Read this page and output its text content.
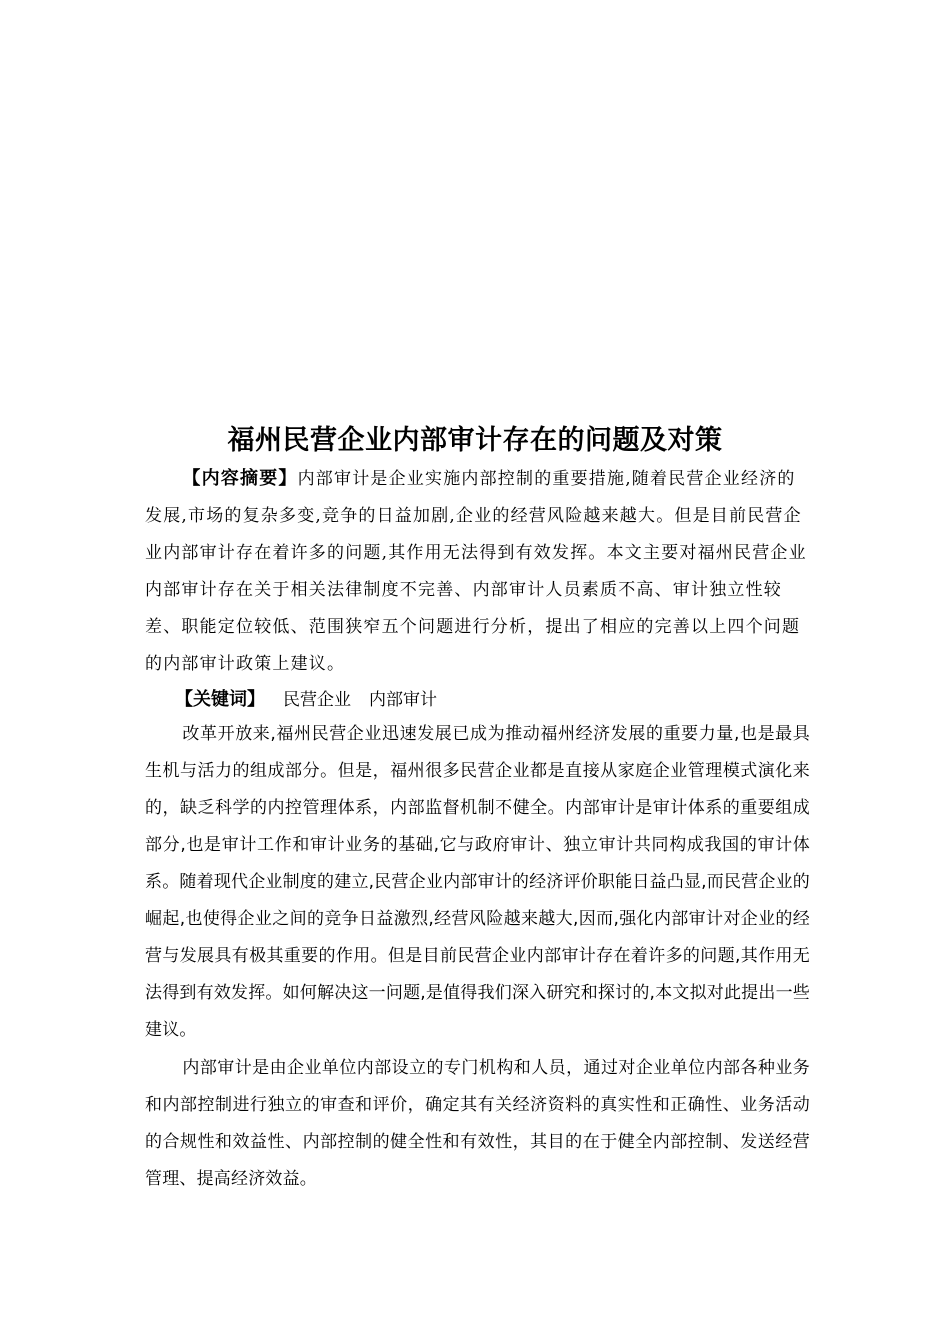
福州民营企业内部审计存在的问题及对策

【内容摘要】内部审计是企业实施内部控制的重要措施,随着民营企业经济的发展,市场的复杂多变,竞争的日益加剧,企业的经营风险越来越大。但是目前民营企业内部审计存在着许多的问题,其作用无法得到有效发挥。本文主要对福州民营企业内部审计存在关于相关法律制度不完善、内部审计人员素质不高、审计独立性较差、职能定位较低、范围狭窄五个问题进行分析，提出了相应的完善以上四个问题的内部审计政策上建议。

【关键词】 民营企业 内部审计

改革开放来,福州民营企业迅速发展已成为推动福州经济发展的重要力量,也是最具生机与活力的组成部分。但是，福州很多民营企业都是直接从家庭企业管理模式演化来的，缺乏科学的内控管理体系，内部监督机制不健全。内部审计是审计体系的重要组成部分,也是审计工作和审计业务的基础,它与政府审计、独立审计共同构成我国的审计体系。随着现代企业制度的建立,民营企业内部审计的经济评价职能日益凸显,而民营企业的崛起,也使得企业之间的竞争日益激烈,经营风险越来越大,因而,强化内部审计对企业的经营与发展具有极其重要的作用。但是目前民营企业内部审计存在着许多的问题,其作用无法得到有效发挥。如何解决这一问题,是值得我们深入研究和探讨的,本文拟对此提出一些建议。

内部审计是由企业单位内部设立的专门机构和人员，通过对企业单位内部各种业务和内部控制进行独立的审查和评价，确定其有关经济资料的真实性和正确性、业务活动的合规性和效益性、内部控制的健全性和有效性，其目的在于健全内部控制、发送经营管理、提高经济效益。
